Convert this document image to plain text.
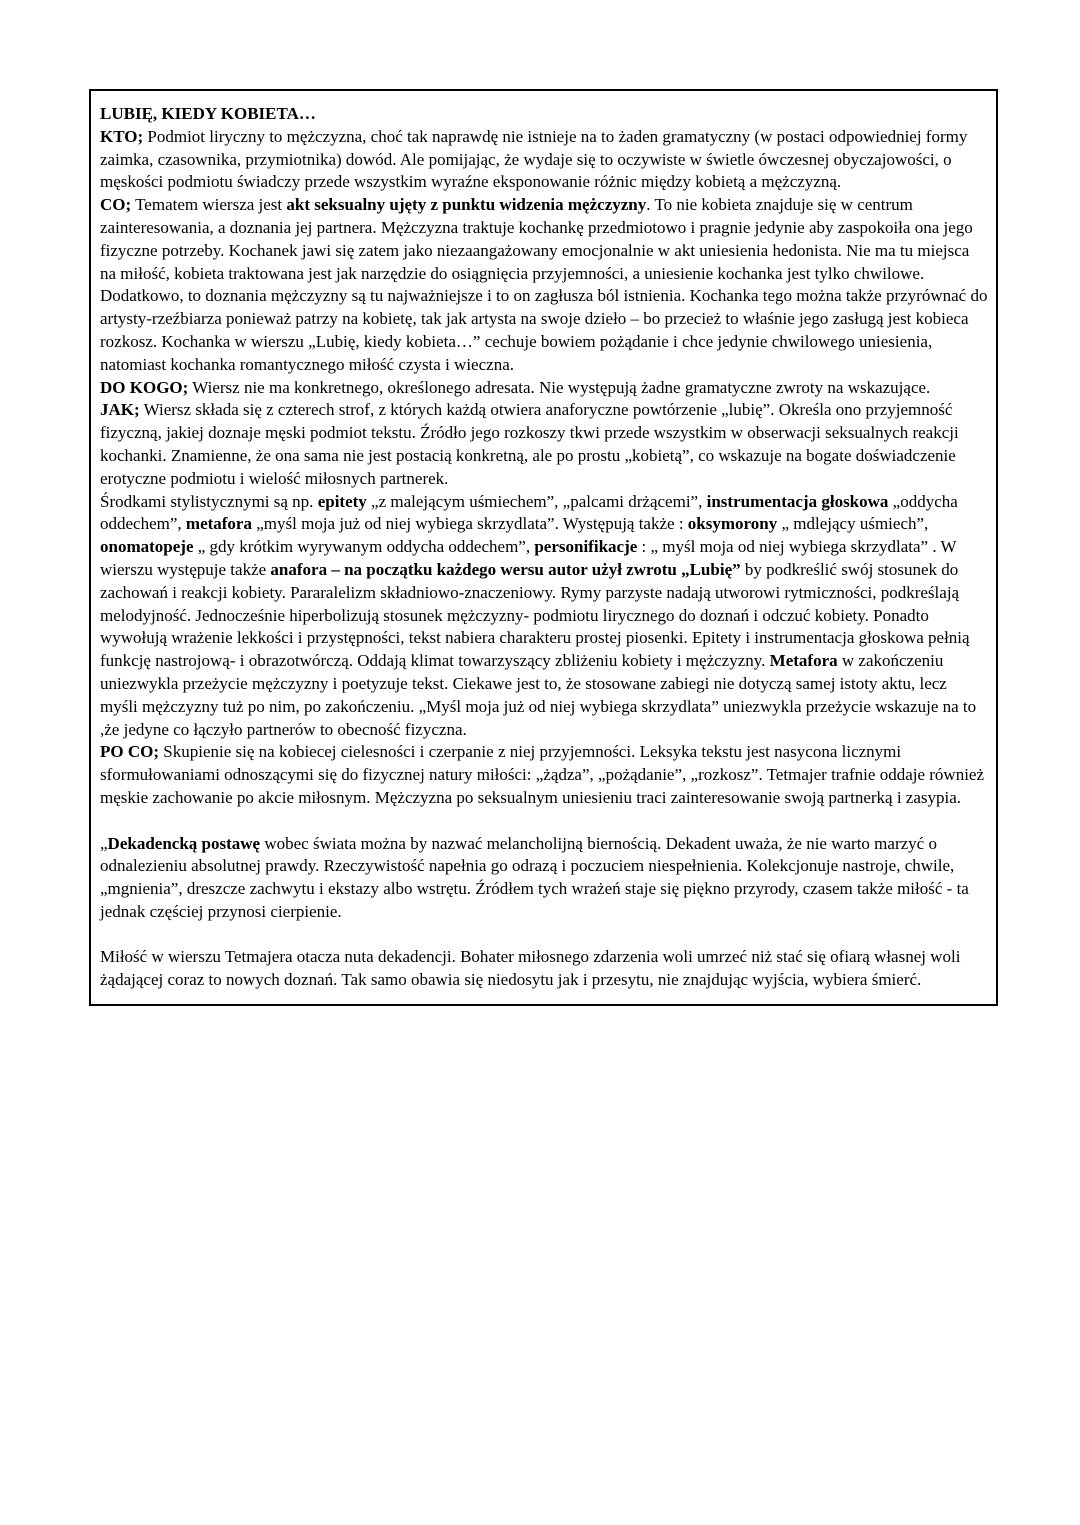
LUBIĘ, KIEDY KOBIETA…

KTO; Podmiot liryczny to mężczyzna, choć tak naprawdę nie istnieje na to żaden gramatyczny (w postaci odpowiedniej formy zaimka, czasownika, przymiotnika) dowód. Ale pomijając, że wydaje się to oczywiste w świetle ówczesnej obyczajowości, o męskości podmiotu świadczy przede wszystkim wyraźne eksponowanie różnic między kobietą a mężczyzną.

CO; Tematem wiersza jest akt seksualny ujęty z punktu widzenia mężczyzny. To nie kobieta znajduje się w centrum zainteresowania, a doznania jej partnera. Mężczyzna traktuje kochankę przedmiotowo i pragnie jedynie aby zaspokoiła ona jego fizyczne potrzeby. Kochanek jawi się zatem jako niezaangażowany emocjonalnie w akt uniesienia hedonista. Nie ma tu miejsca na miłość, kobieta traktowana jest jak narzędzie do osiągnięcia przyjemności, a uniesienie kochanka jest tylko chwilowe. Dodatkowo, to doznania mężczyzny są tu najważniejsze i to on zagłusza ból istnienia. Kochanka tego można także przyrównać do artysty-rzeźbiarza ponieważ patrzy na kobietę, tak jak artysta na swoje dzieło – bo przecież to właśnie jego zasługą jest kobieca rozkosz. Kochanka w wierszu „Lubię, kiedy kobieta…” cechuje bowiem pożądanie i chce jedynie chwilowego uniesienia, natomiast kochanka romantycznego miłość czysta i wieczna.

DO KOGO; Wiersz nie ma konkretnego, określonego adresata. Nie występują żadne gramatyczne zwroty na wskazujące.

JAK; Wiersz składa się z czterech strof, z których każdą otwiera anaforyczne powtórzenie „lubię”. Określa ono przyjemność fizyczną, jakiej doznaje męski podmiot tekstu. Źródło jego rozkoszy tkwi przede wszystkim w obserwacji seksualnych reakcji kochanki. Znamienne, że ona sama nie jest postacią konkretną, ale po prostu „kobietą”, co wskazuje na bogate doświadczenie erotyczne podmiotu i wielość miłosnych partnerek.

Środkami stylistycznymi są np. epitety „z malejącym uśmiechem”, „palcami drżącemi”, instrumentacja głoskowa „oddycha oddechem”, metafora „myśl moja już od niej wybiega skrzydlata”. Występują także : oksymorony „ mdlejący uśmiech”, onomatopeje „ gdy krótkim wyrywanym oddycha oddechem”, personifikacje : „ myśl moja od niej wybiega skrzydlata” . W wierszu występuje także anafora – na początku każdego wersu autor użył zwrotu „Lubię” by podkreślić swój stosunek do zachowań i reakcji kobiety. Pararalelizm składniowo-znaczeniowy. Rymy parzyste nadają utworowi rytmiczności, podkreślają melodyjność. Jednocześnie hiperbolizują stosunek mężczyzny- podmiotu lirycznego do doznań i odczuć kobiety. Ponadto wywołują wrażenie lekkości i przystępności, tekst nabiera charakteru prostej piosenki. Epitety i instrumentacja głoskowa pełnią funkcję nastrojową- i obrazotwórczą. Oddają klimat towarzyszący zbliżeniu kobiety i mężczyzny. Metafora w zakończeniu uniezwykla przeżycie mężczyzny i poetyzuje tekst. Ciekawe jest to, że stosowane zabiegi nie dotyczą samej istoty aktu, lecz myśli mężczyzny tuż po nim, po zakończeniu. „Myśl moja już od niej wybiega skrzydlata” uniezwykla przeżycie wskazuje na to ,że jedyne co łączyło partnerów to obecność fizyczna.

PO CO; Skupienie się na kobiecej cielesności i czerpanie z niej przyjemności. Leksyka tekstu jest nasycona licznymi sformułowaniami odnoszącymi się do fizycznej natury miłości: „żądza”, „pożądanie”, „rozkosz”. Tetmajer trafnie oddaje również męskie zachowanie po akcie miłosnym. Mężczyzna po seksualnym uniesieniu traci zainteresowanie swoją partnerką i zasypia.

„Dekadencką postawę wobec świata można by nazwać melancholijną biernością. Dekadent uważa, że nie warto marzyć o odnalezieniu absolutnej prawdy. Rzeczywistość napełnia go odrazą i poczuciem niespełnienia. Kolekcjonuje nastroje, chwile, „mgnienia”, dreszcze zachwytu i ekstazy albo wstrętu. Źródłem tych wrażeń staje się piękno przyrody, czasem także miłość - ta jednak częściej przynosi cierpienie.

Miłość w wierszu Tetmajera otacza nuta dekadencji. Bohater miłosnego zdarzenia woli umrzeć niż stać się ofiarą własnej woli żądającej coraz to nowych doznań. Tak samo obawia się niedosytu jak i przesytu, nie znajdując wyjścia, wybiera śmierć.
